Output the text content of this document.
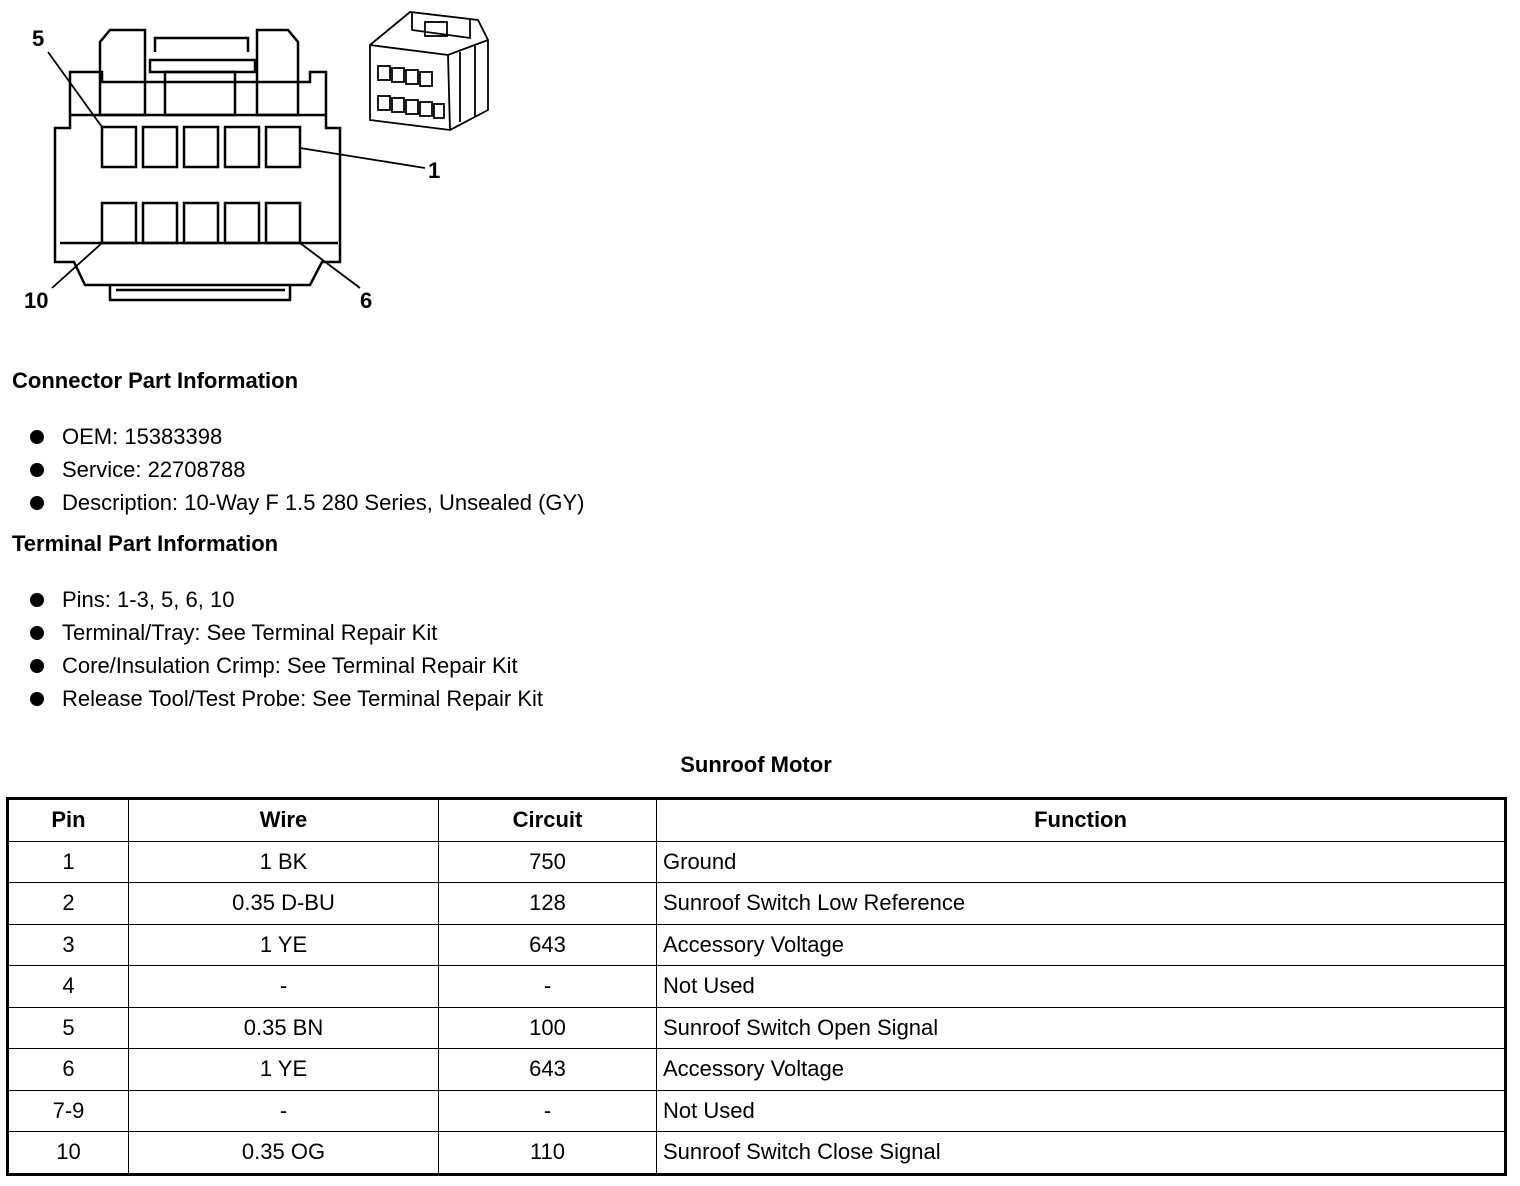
5
1
10	6
Connector Part Information
OEM: 15383398
Service: 22708788
Description: 10-Way F 1.5 280 Series, Unsealed (GY)
Terminal Part Information
Pins: 1-3, 5, 6, 10
Terminal/Tray: See Terminal Repair Kit
Core/Insulation Crimp: See Terminal Repair Kit
Release Tool/Test Probe: See Terminal Repair Kit
Sunroof Motor
Pin	Wire	Circuit	Function
1	1 BK	750	Ground
2	0.35 D-BU	128	Sunroof Switch Low Reference
3	1 YE	643	Accessory Voltage
4	-	-	Not Used
5	0.35 BN	100	Sunroof Switch Open Signal
6	1 YE	643	Accessory Voltage
7-9	-	-	Not Used
10	0.35 OG	110	Sunroof Switch Close Signal
